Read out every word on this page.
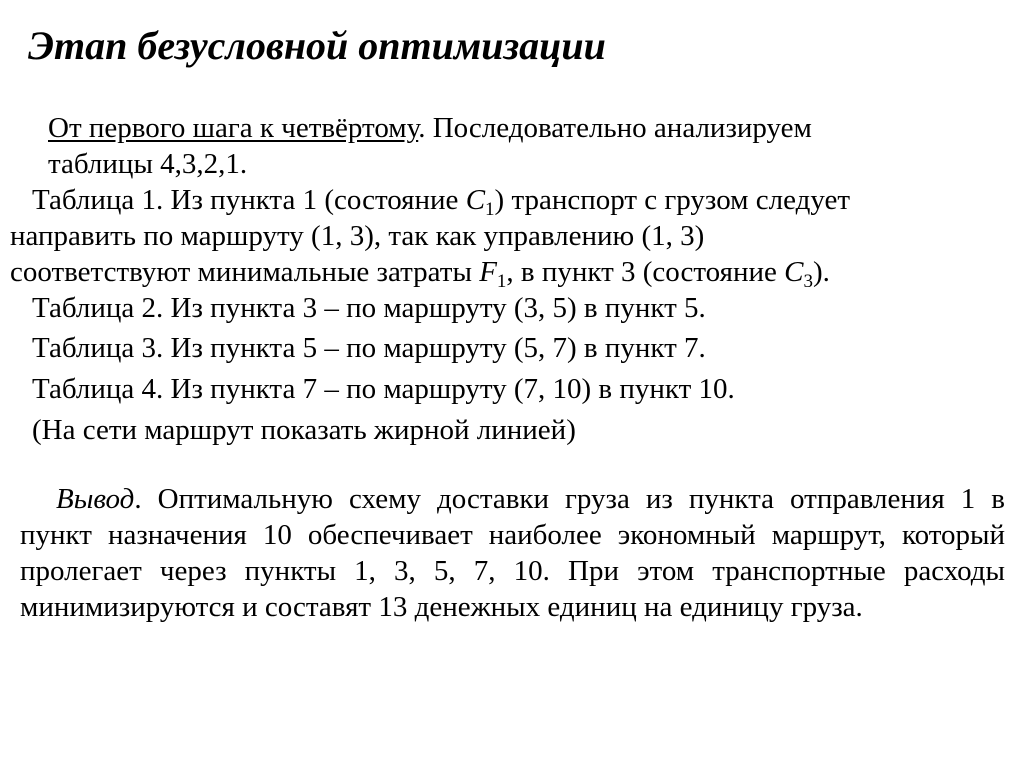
Этап безусловной оптимизации

От первого шага к четвёртому. Последовательно анализируем
таблицы 4,3,2,1.

Таблица 1. Из пункта 1 (состояние $C_1$) транспорт с грузом следует
направить по маршруту (1, 3), так как управлению (1, 3)
соответствуют минимальные затраты $F_1$, в пункт 3 (состояние $C_3$).

Таблица 2. Из пункта 3 – по маршруту (3, 5) в пункт 5.

Таблица 3. Из пункта 5 – по маршруту (5, 7) в пункт 7.

Таблица 4. Из пункта 7 – по маршруту (7, 10) в пункт 10.

(На сети маршрут показать жирной линией)

Вывод. Оптимальную схему доставки груза из пункта отправления 1 в пункт назначения 10 обеспечивает наиболее экономный маршрут, который пролегает через пункты 1, 3, 5, 7, 10. При этом транспортные расходы минимизируются и составят 13 денежных единиц на единицу груза.
